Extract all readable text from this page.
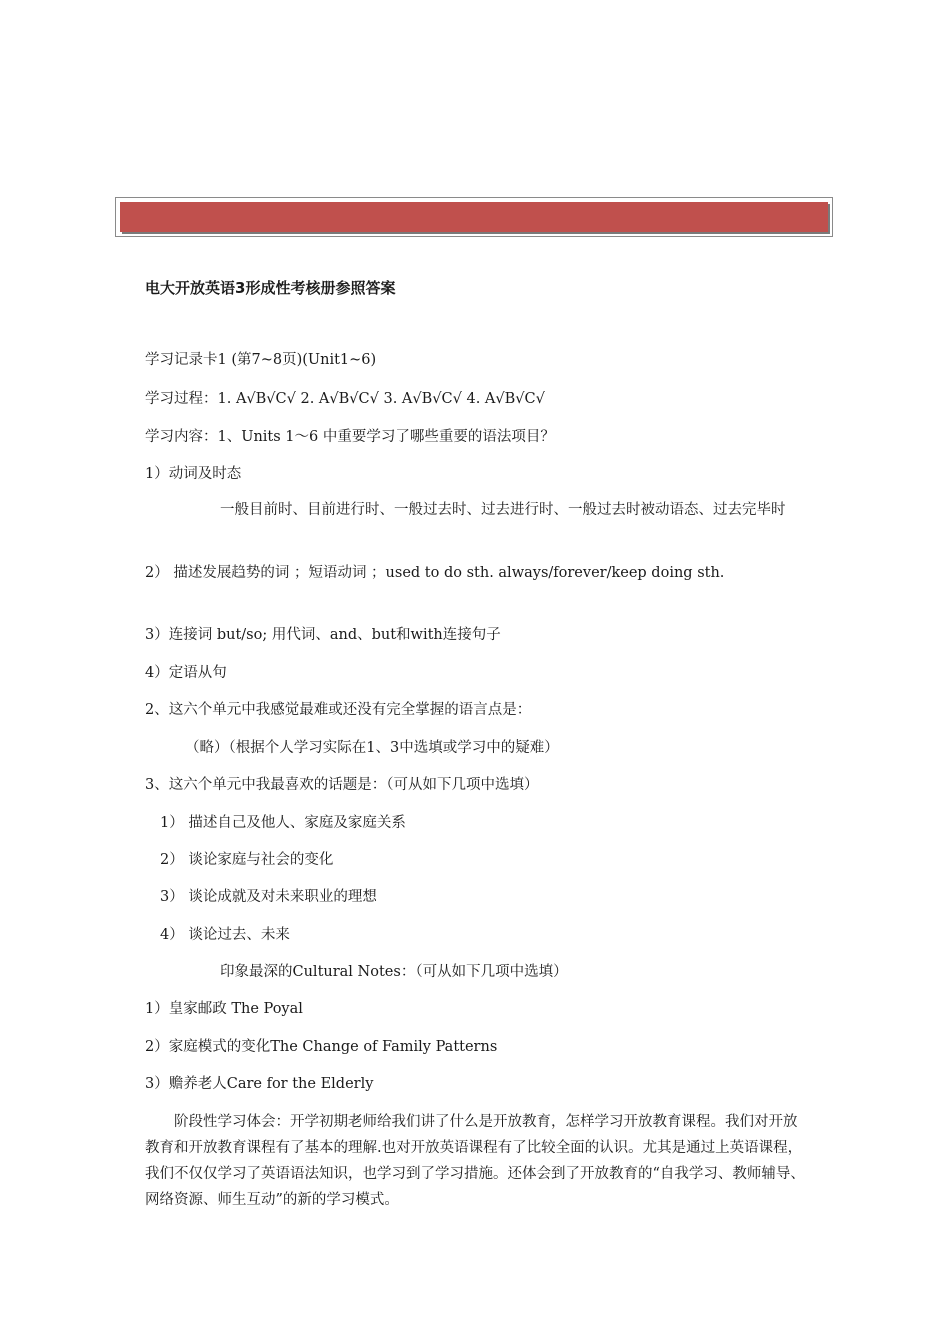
电大开放英语3形成性考核册参照答案
学习记录卡1 (第7~8页)(Unit1~6)
学习过程：1. A√B√C√ 2. A√B√C√ 3. A√B√C√ 4. A√B√C√
学习内容：1、Units 1～6 中重要学习了哪些重要的语法项目？
1）动词及时态
一般目前时、目前进行时、一般过去时、过去进行时、一般过去时被动语态、过去完毕时
2） 描述发展趋势的词 ；短语动词 ；used to do sth. always/forever/keep doing sth.
3）连接词 but/so; 用代词、and、but和with连接句子
4）定语从句
2、这六个单元中我感觉最难或还没有完全掌握的语言点是：
（略）（根据个人学习实际在1、3中选填或学习中的疑难）
3、这六个单元中我最喜欢的话题是：（可从如下几项中选填）
1） 描述自己及他人、家庭及家庭关系
2） 谈论家庭与社会的变化
3） 谈论成就及对未来职业的理想
4） 谈论过去、未来
印象最深的Cultural Notes：（可从如下几项中选填）
1）皇家邮政 The Poyal
2）家庭模式的变化The Change of Family Patterns
3）赡养老人Care for the Elderly
阶段性学习体会：开学初期老师给我们讲了什么是开放教育，怎样学习开放教育课程。我们对开放教育和开放教育课程有了基本的理解.也对开放英语课程有了比较全面的认识。尤其是通过上英语课程，我们不仅仅学习了英语语法知识，也学习到了学习措施。还体会到了开放教育的“自我学习、教师辅导、网络资源、师生互动”的新的学习模式。
